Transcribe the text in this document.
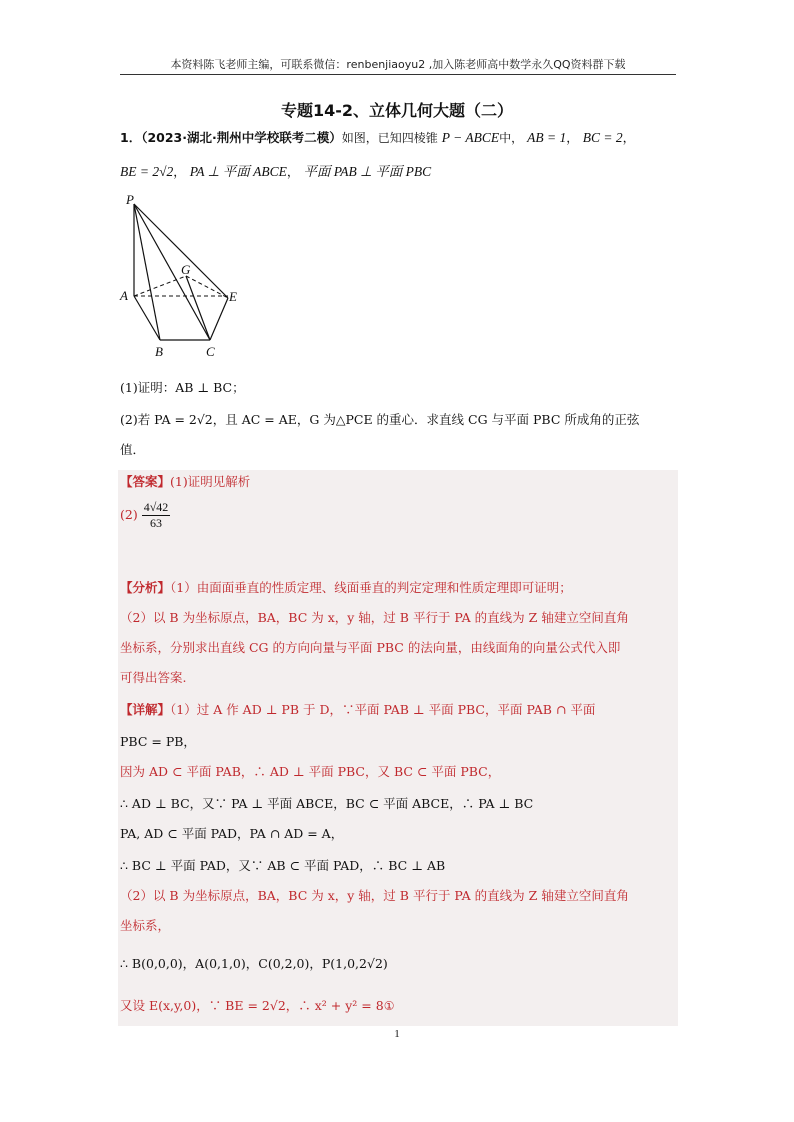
本资料陈飞老师主编，可联系微信：renbenjiaoyu2 ,加入陈老师高中数学永久QQ资料群下载
专题14-2、立体几何大题（二）
1．（2023·湖北·荆州中学校联考二模）如图，已知四棱锥 P − ABCE中， AB = 1， BC = 2，
BE = 2√2， PA ⊥ 平面 ABCE， 平面 PAB ⊥ 平面 PBC
P
A
B	C
E
G
(1)证明：AB ⊥ BC；
(2)若 PA = 2√2，且 AC = AE，G 为△PCE 的重心．求直线 CG 与平面 PBC 所成角的正弦
值．
【答案】(1)证明见解析
$(2) \frac{4√42}{63}$
【分析】（1）由面面垂直的性质定理、线面垂直的判定定理和性质定理即可证明；
（2）以 B 为坐标原点，BA，BC 为 x，y 轴，过 B 平行于 PA 的直线为 Z 轴建立空间直角
坐标系，分别求出直线 CG 的方向向量与平面 PBC 的法向量，由线面角的向量公式代入即
可得出答案.
【详解】（1）过 A 作 AD ⊥ PB 于 D，∵平面 PAB ⊥ 平面 PBC，平面 PAB ∩ 平面
PBC = PB，
因为 AD ⊂ 平面 PAB，∴ AD ⊥ 平面 PBC，又 BC ⊂ 平面 PBC，
∴ AD ⊥ BC，又∵ PA ⊥ 平面 ABCE，BC ⊂ 平面 ABCE，∴ PA ⊥ BC
PA, AD ⊂ 平面 PAD，PA ∩ AD = A，
∴ BC ⊥ 平面 PAD，又∵ AB ⊂ 平面 PAD，∴ BC ⊥ AB
（2）以 B 为坐标原点，BA，BC 为 x，y 轴，过 B 平行于 PA 的直线为 Z 轴建立空间直角
坐标系，
∴ B(0,0,0)，A(0,1,0)，C(0,2,0)，P(1,0,2√2)
又设 E(x,y,0)，∵ BE = 2√2，∴ x² + y² = 8①
1
